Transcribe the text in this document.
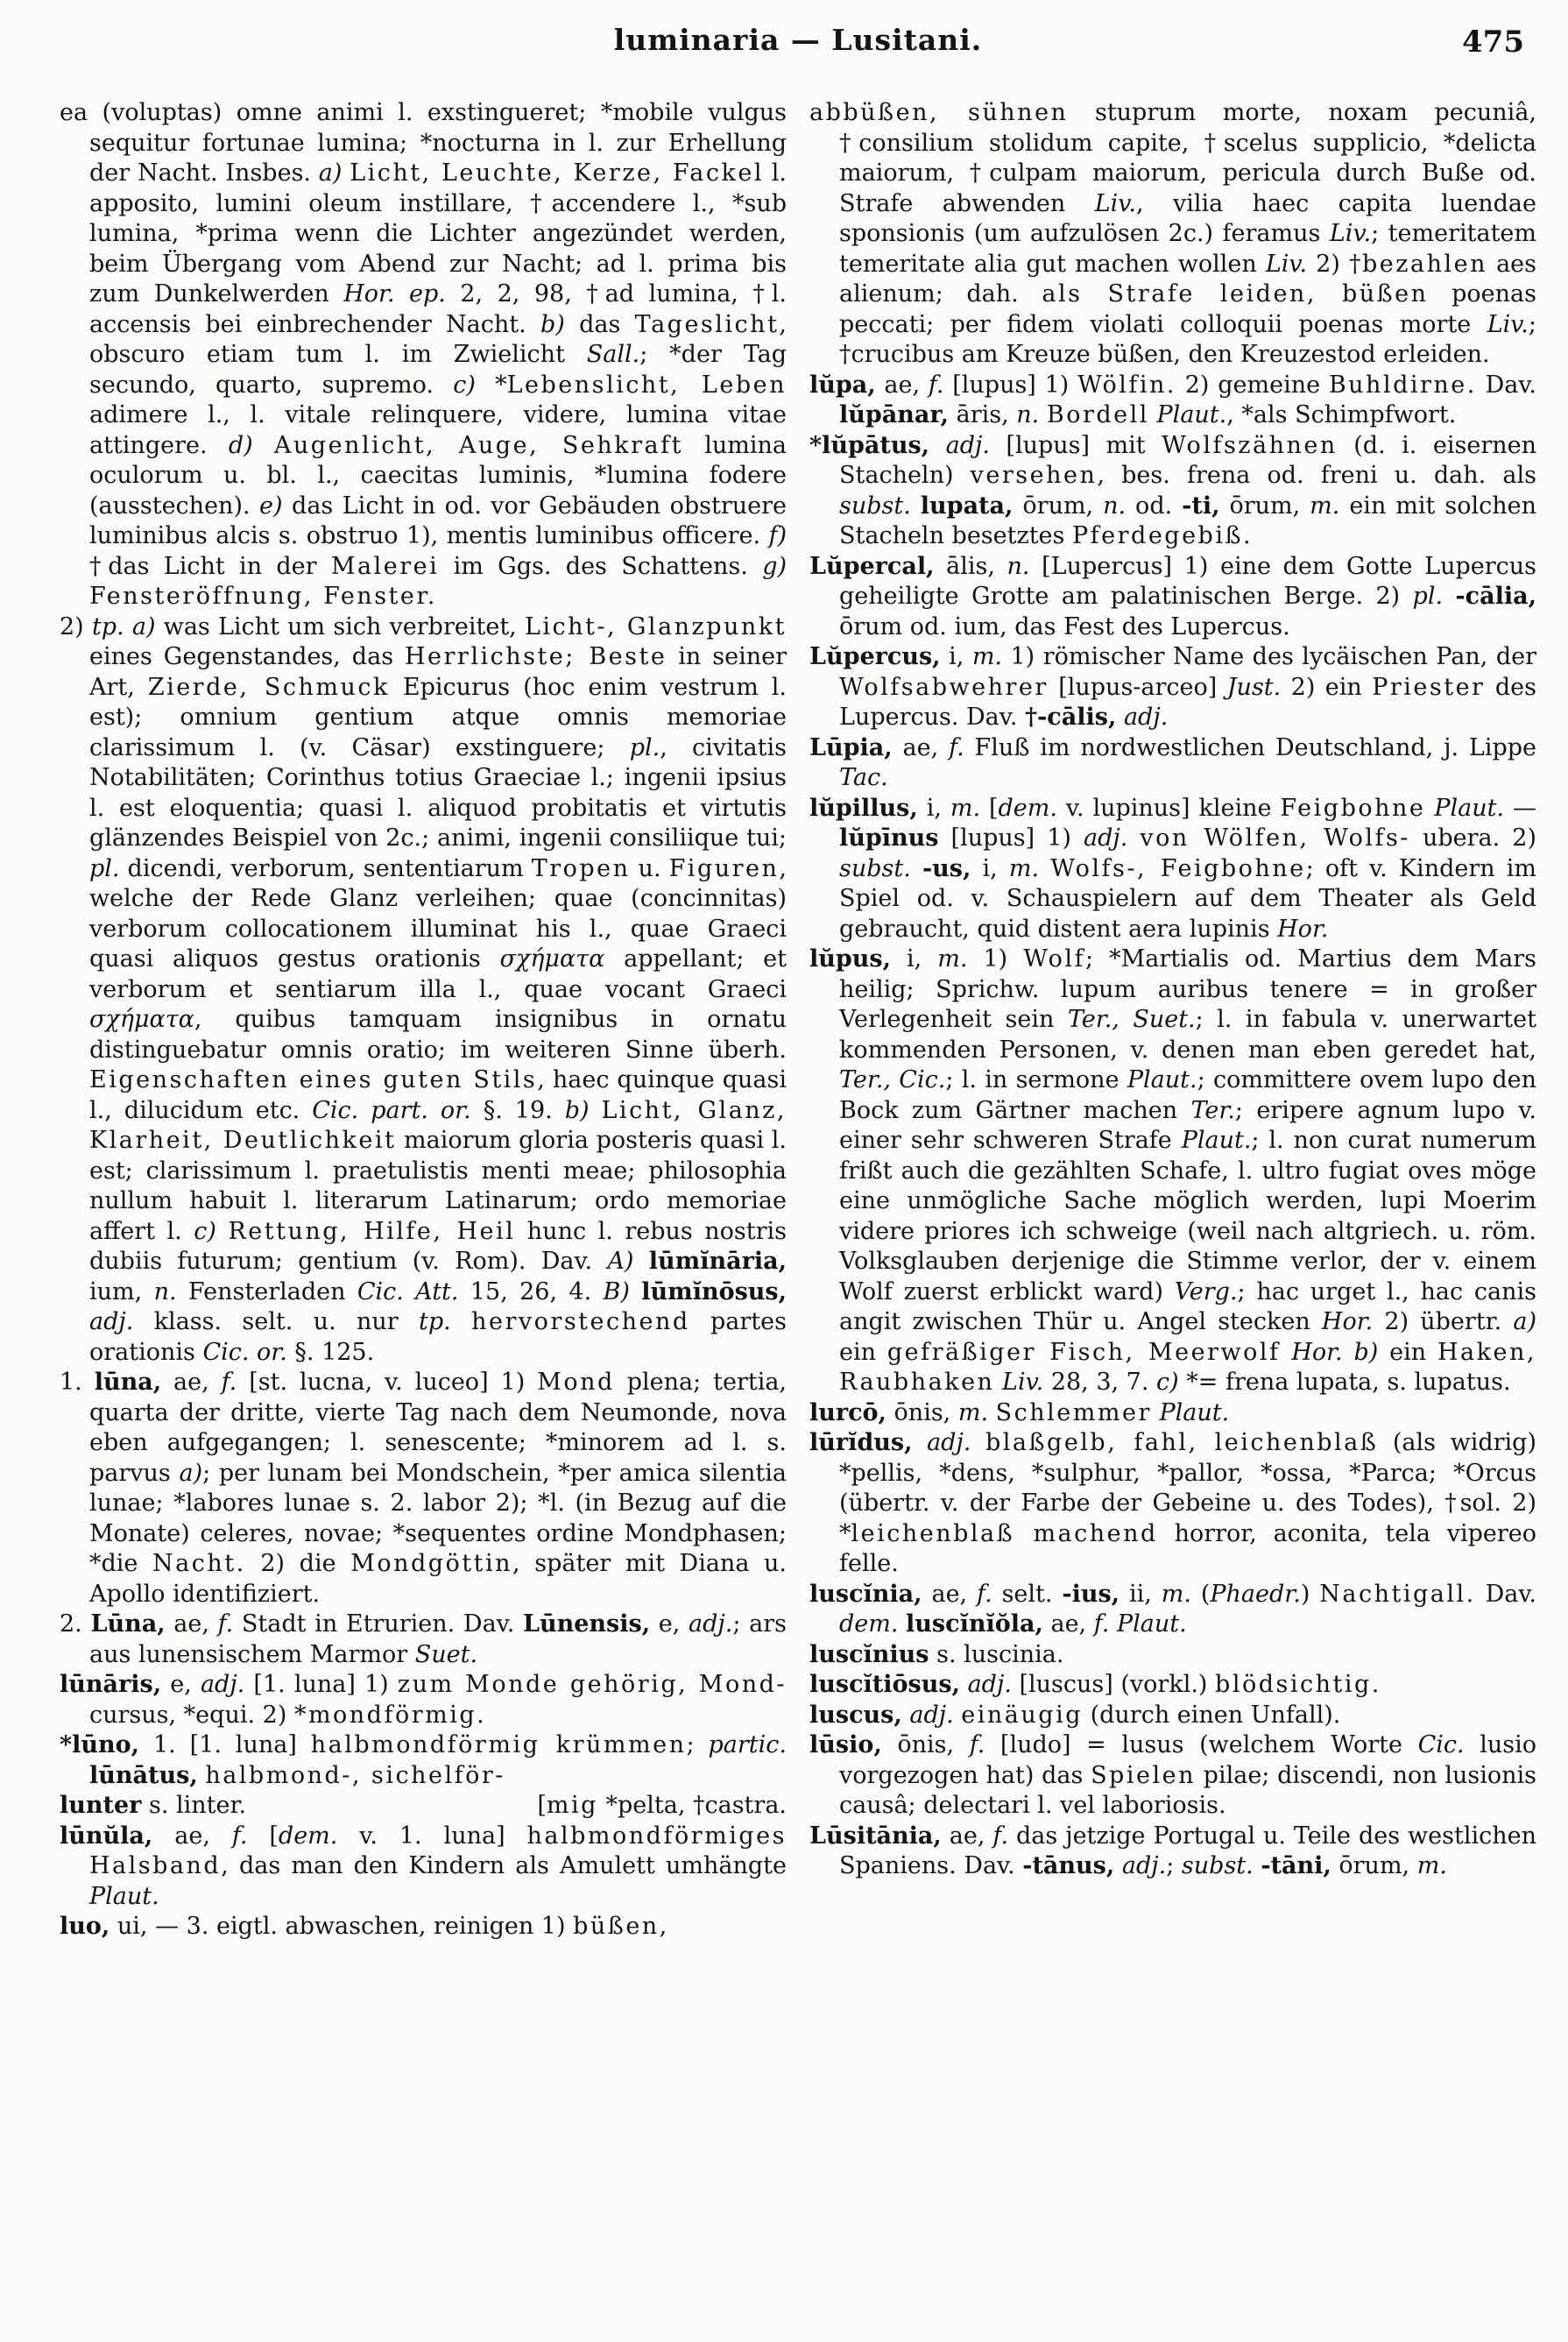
luminaria — Lusitani.	475

ea (voluptas) omne animi l. exstingueret; *mobile vulgus sequitur fortunae lumina; *nocturna in l. zur Erhellung der Nacht. Insbes. a) Licht, Leuchte, Kerze, Fackel l. apposito, lumini oleum instillare, †accendere l., *sub lumina, *prima wenn die Lichter angezündet werden, beim Übergang vom Abend zur Nacht; ad l. prima bis zum Dunkelwerden Hor. ep. 2, 2, 98, †ad lumina, †l. accensis bei einbrechender Nacht. b) das Tageslicht, obscuro etiam tum l. im Zwielicht Sall.; *der Tag secundo, quarto, supremo. c) *Lebenslicht, Leben adimere l., l. vitale relinquere, videre, lumina vitae attingere. d) Augenlicht, Auge, Sehkraft lumina oculorum u. bl. l., caecitas luminis, *lumina fodere (ausstechen). e) das Licht in od. vor Gebäuden obstruere luminibus alcis s. obstruo 1), mentis luminibus officere. f) †das Licht in der Malerei im Ggs. des Schattens. g) Fensteröffnung, Fenster.

2) tp. a) was Licht um sich verbreitet, Licht-, Glanzpunkt eines Gegenstandes, das Herrlichste; Beste in seiner Art, Zierde, Schmuck Epicurus (hoc enim vestrum l. est); omnium gentium atque omnis memoriae clarissimum l. (v. Cäsar) exstinguere; pl., civitatis Notabilitäten; Corinthus totius Graeciae l.; ingenii ipsius l. est eloquentia; quasi l. aliquod probitatis et virtutis glänzendes Beispiel von 2c.; animi, ingenii consiliique tui; pl. dicendi, verborum, sententiarum Tropen u. Figuren, welche der Rede Glanz verleihen; quae (concinnitas) verborum collocationem illuminat his l., quae Graeci quasi aliquos gestus orationis σχήματα appellant; et verborum et sentiarum illa l., quae vocant Graeci σχήματα, quibus tamquam insignibus in ornatu distinguebatur omnis oratio; im weiteren Sinne überh. Eigenschaften eines guten Stils, haec quinque quasi l., dilucidum etc. Cic. part. or. §. 19. b) Licht, Glanz, Klarheit, Deutlichkeit maiorum gloria posteris quasi l. est; clarissimum l. praetulistis menti meae; philosophia nullum habuit l. literarum Latinarum; ordo memoriae affert l. c) Rettung, Hilfe, Heil hunc l. rebus nostris dubiis futurum; gentium (v. Rom). Dav. A) lūmĭnāria, ium, n. Fensterladen Cic. Att. 15, 26, 4. B) lūmĭnōsus, adj. klass. selt. u. nur tp. hervorstechend partes orationis Cic. or. §. 125.

1. lūna, ae, f. [st. lucna, v. luceo] 1) Mond plena; tertia, quarta der dritte, vierte Tag nach dem Neumonde, nova eben aufgegangen; l. senescente; *minorem ad l. s. parvus a); per lunam bei Mondschein, *per amica silentia lunae; *labores lunae s. 2. labor 2); *l. (in Bezug auf die Monate) celeres, novae; *sequentes ordine Mondphasen; *die Nacht. 2) die Mondgöttin, später mit Diana u. Apollo identifiziert.

2. Lūna, ae, f. Stadt in Etrurien. Dav. Lūnensis, e, adj.; ars aus lunensischem Marmor Suet.

lūnāris, e, adj. [1. luna] 1) zum Monde gehörig, Mond- cursus, *equi. 2) *mondförmig.

*lūno, 1. [1. luna] halbmondförmig krümmen; partic. lūnātus, halbmond-, sichelför-

lunter s. linter.	[mig *pelta, †castra.

lūnŭla, ae, f. [dem. v. 1. luna] halbmondförmiges Halsband, das man den Kindern als Amulett umhängte Plaut.

luo, ui, — 3. eigtl. abwaschen, reinigen 1) büßen,

abbüßen, sühnen stuprum morte, noxam pecuniâ, †consilium stolidum capite, †scelus supplicio, *delicta maiorum, †culpam maiorum, pericula durch Buße od. Strafe abwenden Liv., vilia haec capita luendae sponsionis (um aufzulösen 2c.) feramus Liv.; temeritatem temeritate alia gut machen wollen Liv. 2) †bezahlen aes alienum; dah. als Strafe leiden, büßen poenas peccati; per fidem violati colloquii poenas morte Liv.; †crucibus am Kreuze büßen, den Kreuzestod erleiden.

lŭpa, ae, f. [lupus] 1) Wölfin. 2) gemeine Buhldirne. Dav. lŭpānar, āris, n. Bordell Plaut., *als Schimpfwort.

*lŭpātus, adj. [lupus] mit Wolfszähnen (d. i. eisernen Stacheln) versehen, bes. frena od. freni u. dah. als subst. lupata, ōrum, n. od. -ti, ōrum, m. ein mit solchen Stacheln besetztes Pferdegebiß.

Lŭpercal, ālis, n. [Lupercus] 1) eine dem Gotte Lupercus geheiligte Grotte am palatinischen Berge. 2) pl. -cālia, ōrum od. ium, das Fest des Lupercus.

Lŭpercus, i, m. 1) römischer Name des lycäischen Pan, der Wolfsabwehrer [lupus-arceo] Just. 2) ein Priester des Lupercus. Dav. †-cālis, adj.

Lūpia, ae, f. Fluß im nordwestlichen Deutschland, j. Lippe Tac.

lŭpillus, i, m. [dem. v. lupinus] kleine Feigbohne Plaut. — lŭpīnus [lupus] 1) adj. von Wölfen, Wolfs- ubera. 2) subst. -us, i, m. Wolfs-, Feigbohne; oft v. Kindern im Spiel od. v. Schauspielern auf dem Theater als Geld gebraucht, quid distent aera lupinis Hor.

lŭpus, i, m. 1) Wolf; *Martialis od. Martius dem Mars heilig; Sprichw. lupum auribus tenere = in großer Verlegenheit sein Ter., Suet.; l. in fabula v. unerwartet kommenden Personen, v. denen man eben geredet hat, Ter., Cic.; l. in sermone Plaut.; committere ovem lupo den Bock zum Gärtner machen Ter.; eripere agnum lupo v. einer sehr schweren Strafe Plaut.; l. non curat numerum frißt auch die gezählten Schafe, l. ultro fugiat oves möge eine unmögliche Sache möglich werden, lupi Moerim videre priores ich schweige (weil nach altgriech. u. röm. Volksglauben derjenige die Stimme verlor, der v. einem Wolf zuerst erblickt ward) Verg.; hac urget l., hac canis angit zwischen Thür u. Angel stecken Hor. 2) übertr. a) ein gefräßiger Fisch, Meerwolf Hor. b) ein Haken, Raubhaken Liv. 28, 3, 7. c) *= frena lupata, s. lupatus.

lurcō, ōnis, m. Schlemmer Plaut.

lūrĭdus, adj. blaßgelb, fahl, leichenblaß (als widrig) *pellis, *dens, *sulphur, *pallor, *ossa, *Parca; *Orcus (übertr. v. der Farbe der Gebeine u. des Todes), †sol. 2) *leichenblaß machend horror, aconita, tela vipereo felle.

luscĭnia, ae, f. selt. -ius, ii, m. (Phaedr.) Nachtigall. Dav. dem. luscĭnĭŏla, ae, f. Plaut.

luscĭnius s. luscinia.

luscĭtiōsus, adj. [luscus] (vorkl.) blödsichtig.

luscus, adj. einäugig (durch einen Unfall).

lūsio, ōnis, f. [ludo] = lusus (welchem Worte Cic. lusio vorgezogen hat) das Spielen pilae; discendi, non lusionis causâ; delectari l. vel laboriosis.

Lūsitānia, ae, f. das jetzige Portugal u. Teile des westlichen Spaniens. Dav. -tānus, adj.; subst. -tāni, ōrum, m.
